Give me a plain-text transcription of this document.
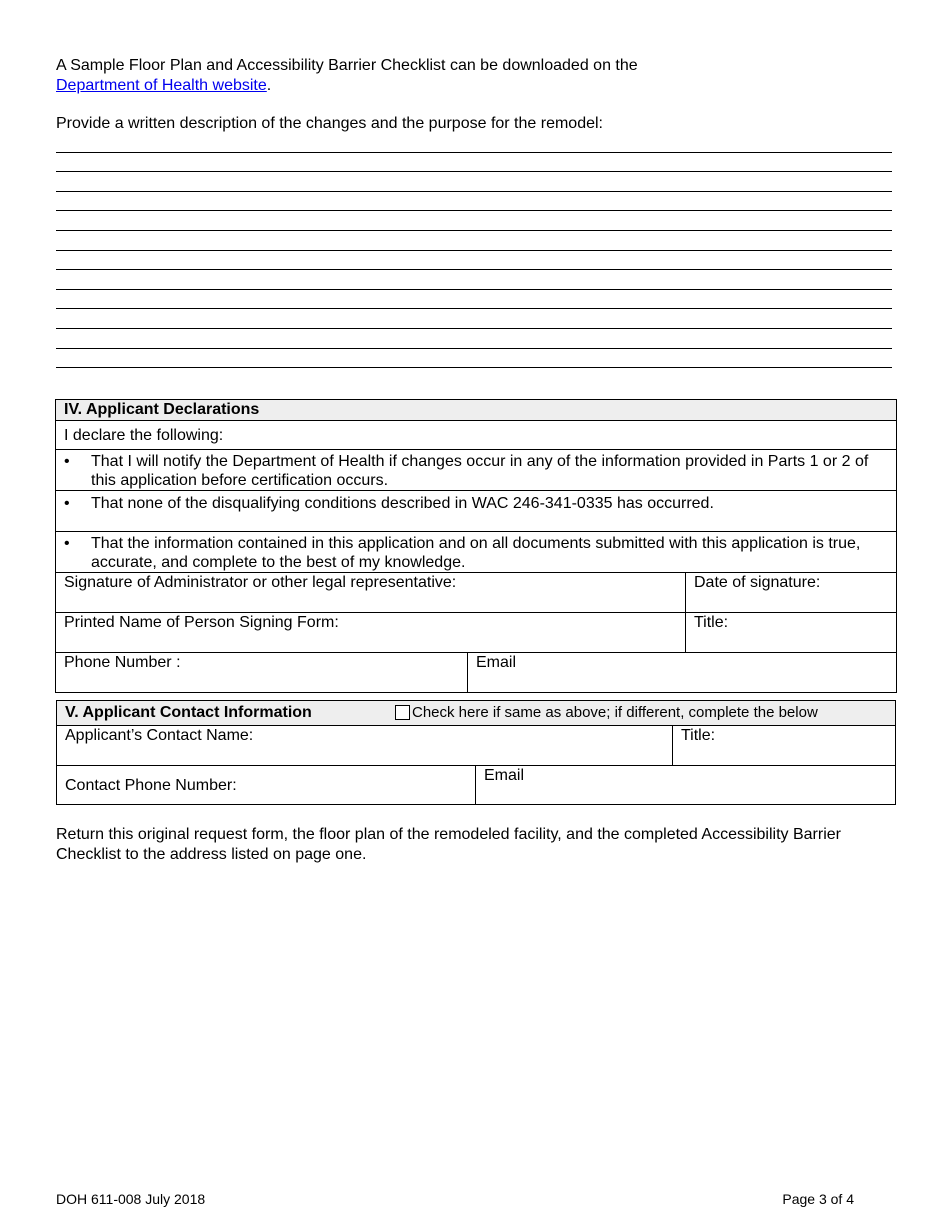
A Sample Floor Plan and Accessibility Barrier Checklist can be downloaded on the
Department of Health website.
Provide a written description of the changes and the purpose for the remodel:
IV. Applicant Declarations		
I declare the following:		

• That I will notify the Department of Health if changes occur in any of the information provided in Parts 1 or 2 of this application before certification occurs.		

• That none of the disqualifying conditions described in WAC 246-341-0335 has occurred.		

• That the information contained in this application and on all documents submitted with this application is true, accurate, and complete to the best of my knowledge.		

Signature of Administrator or other legal representative:		Date of signature:
Printed Name of Person Signing Form:		Title:
Phone Number :	Email	
V. Applicant Contact Information Check here if same as above; if different, complete the below		

Applicant’s Contact Name:		Title:
Contact Phone Number:	Email	
Return this original request form, the floor plan of the remodeled facility, and the completed Accessibility Barrier Checklist to the address listed on page one.
DOH 611-008 July 2018	Page 3 of 4
